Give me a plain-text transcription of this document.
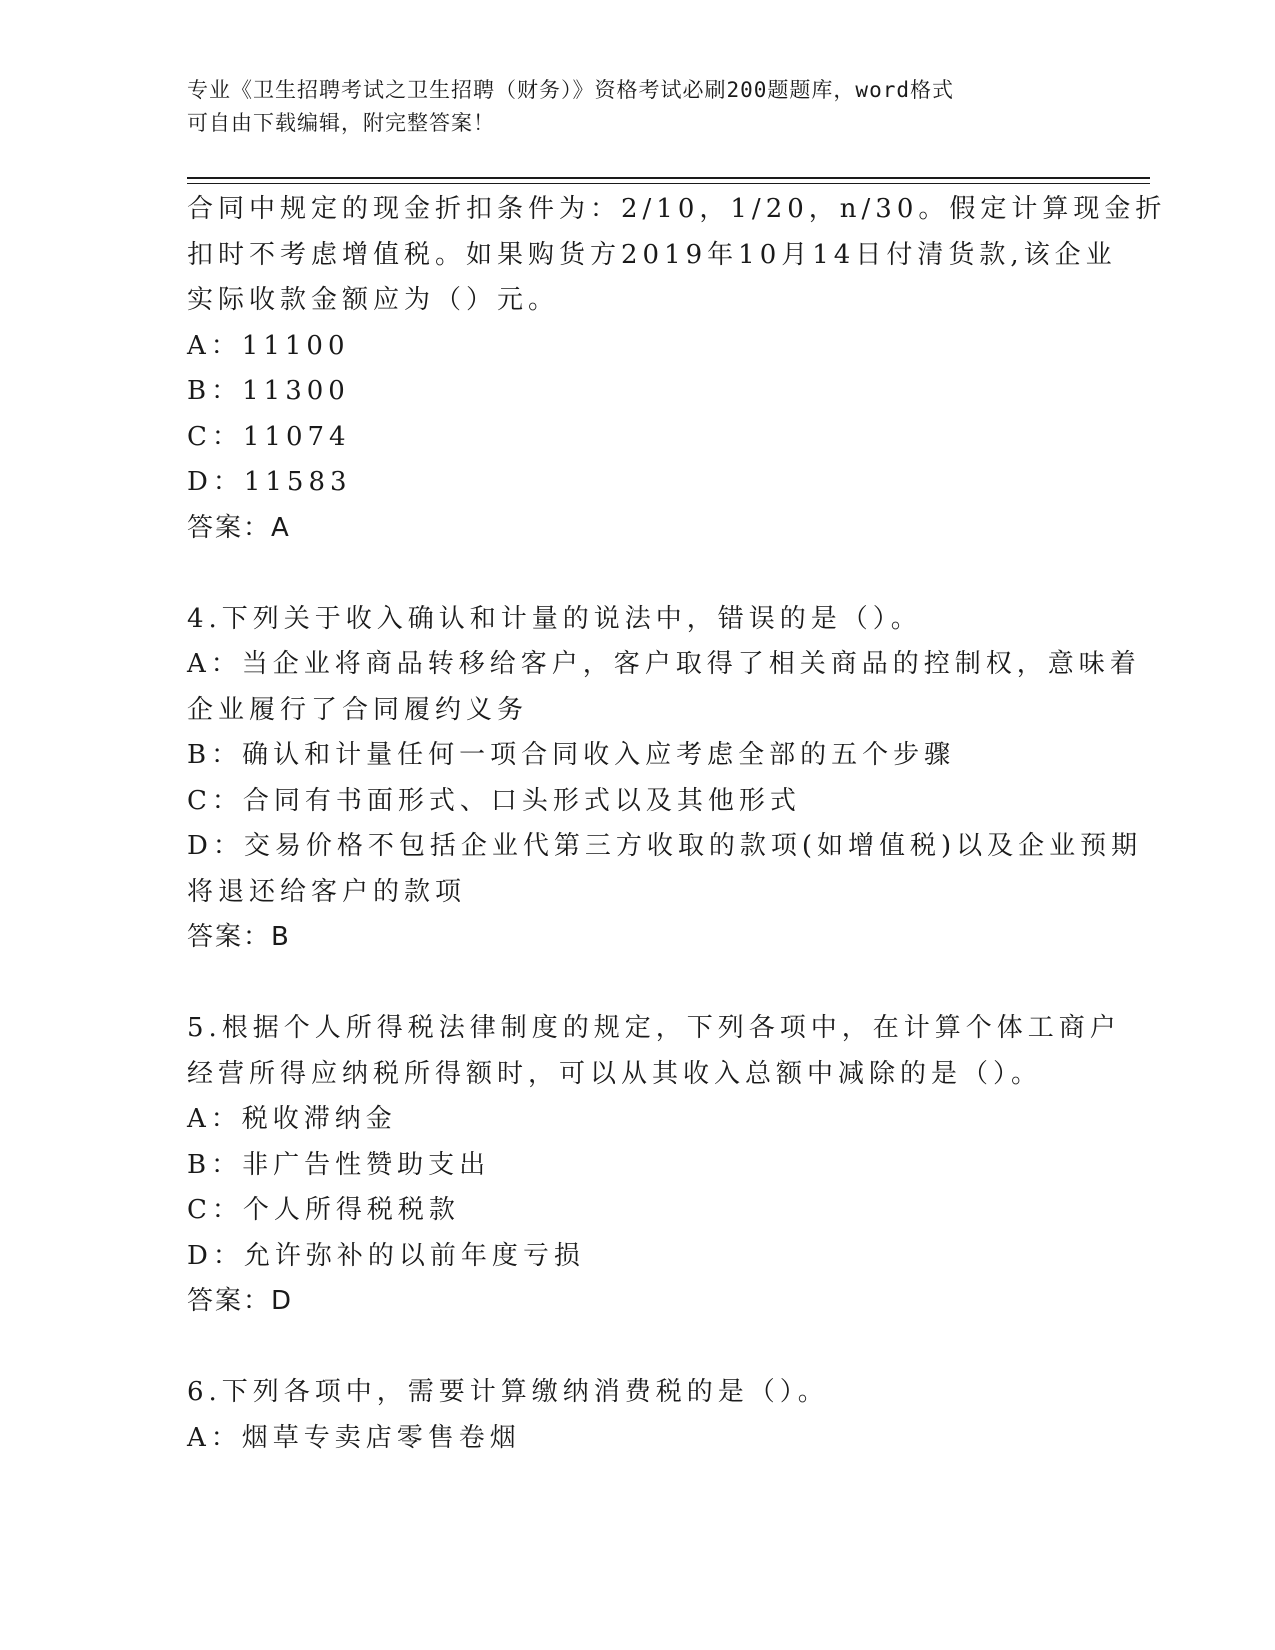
专业《卫生招聘考试之卫生招聘（财务）》资格考试必刷200题题库，word格式
可自由下载编辑，附完整答案！
合同中规定的现金折扣条件为：2/10，1/20，n/30。假定计算现金折
扣时不考虑增值税。如果购货方2019年10月14日付清货款,该企业
实际收款金额应为（）元。
A：11100
B：11300
C：11074
D：11583
答案：A
4.下列关于收入确认和计量的说法中，错误的是（）。
A：当企业将商品转移给客户，客户取得了相关商品的控制权，意味着
企业履行了合同履约义务
B：确认和计量任何一项合同收入应考虑全部的五个步骤
C：合同有书面形式、口头形式以及其他形式
D：交易价格不包括企业代第三方收取的款项(如增值税)以及企业预期
将退还给客户的款项
答案：B
5.根据个人所得税法律制度的规定，下列各项中，在计算个体工商户
经营所得应纳税所得额时，可以从其收入总额中减除的是（）。
A：税收滞纳金
B：非广告性赞助支出
C：个人所得税税款
D：允许弥补的以前年度亏损
答案：D
6.下列各项中，需要计算缴纳消费税的是（）。
A：烟草专卖店零售卷烟
